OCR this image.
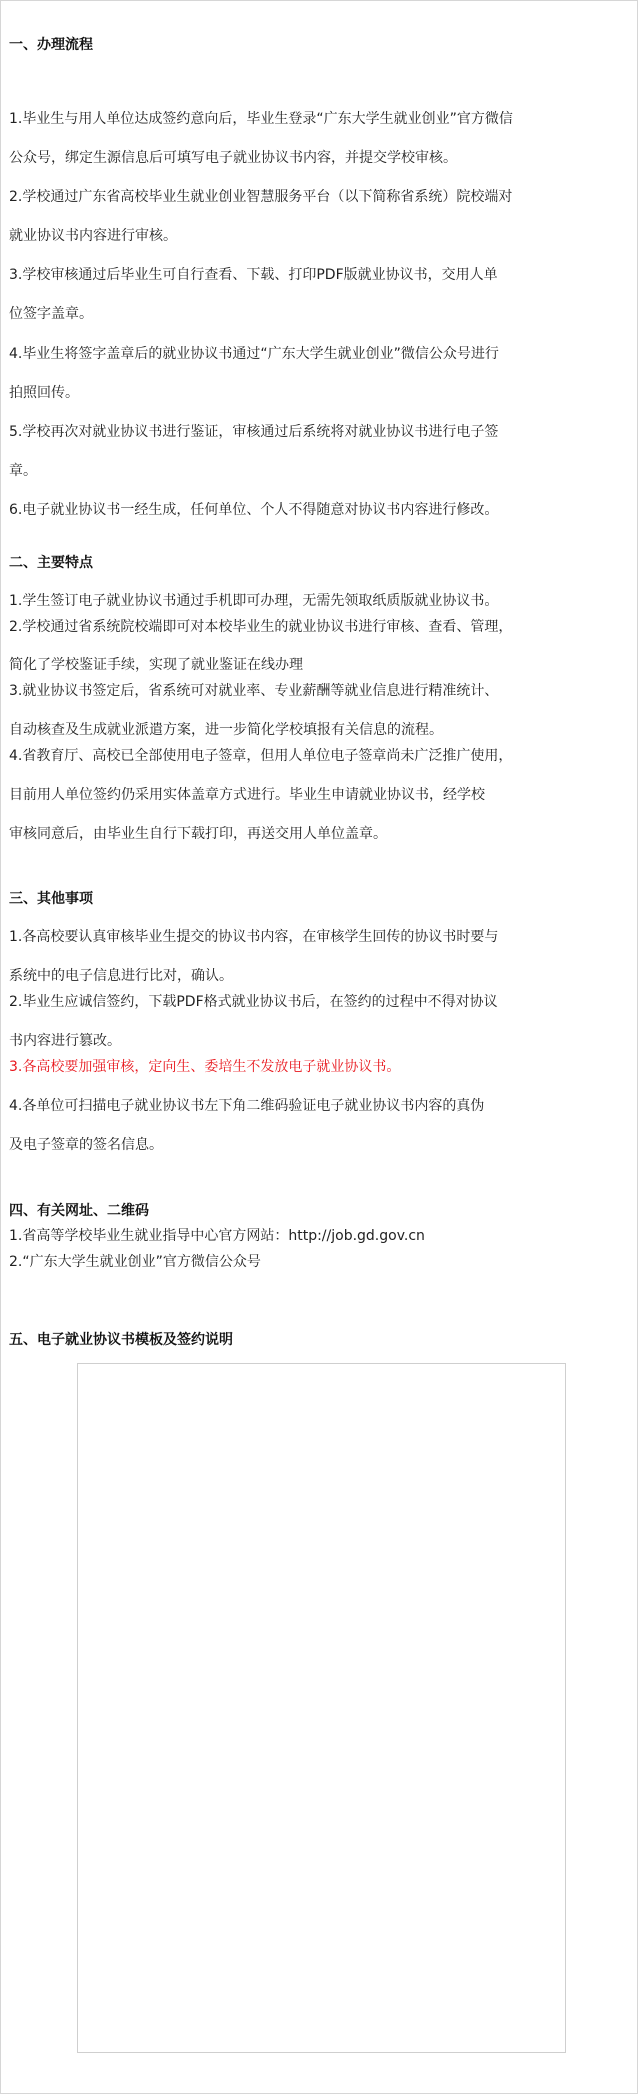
一、办理流程
1.毕业生与用人单位达成签约意向后，毕业生登录“广东大学生就业创业”官方微信
公众号，绑定生源信息后可填写电子就业协议书内容，并提交学校审核。
2.学校通过广东省高校毕业生就业创业智慧服务平台（以下简称省系统）院校端对
就业协议书内容进行审核。
3.学校审核通过后毕业生可自行查看、下载、打印PDF版就业协议书，交用人单
位签字盖章。
4.毕业生将签字盖章后的就业协议书通过“广东大学生就业创业”微信公众号进行
拍照回传。
5.学校再次对就业协议书进行鉴证，审核通过后系统将对就业协议书进行电子签
章。
6.电子就业协议书一经生成，任何单位、个人不得随意对协议书内容进行修改。
二、主要特点
1.学生签订电子就业协议书通过手机即可办理，无需先领取纸质版就业协议书。
2.学校通过省系统院校端即可对本校毕业生的就业协议书进行审核、查看、管理，
简化了学校鉴证手续，实现了就业鉴证在线办理
3.就业协议书签定后，省系统可对就业率、专业薪酬等就业信息进行精准统计、
自动核查及生成就业派遣方案，进一步简化学校填报有关信息的流程。
4.省教育厅、高校已全部使用电子签章，但用人单位电子签章尚未广泛推广使用，
目前用人单位签约仍采用实体盖章方式进行。毕业生申请就业协议书，经学校
审核同意后，由毕业生自行下载打印，再送交用人单位盖章。
三、其他事项
1.各高校要认真审核毕业生提交的协议书内容，在审核学生回传的协议书时要与
系统中的电子信息进行比对，确认。
2.毕业生应诚信签约，下载PDF格式就业协议书后，在签约的过程中不得对协议
书内容进行篡改。
3.各高校要加强审核，定向生、委培生不发放电子就业协议书。
4.各单位可扫描电子就业协议书左下角二维码验证电子就业协议书内容的真伪
及电子签章的签名信息。
四、有关网址、二维码
1.省高等学校毕业生就业指导中心官方网站：http://job.gd.gov.cn
2.“广东大学生就业创业”官方微信公众号
五、电子就业协议书模板及签约说明
